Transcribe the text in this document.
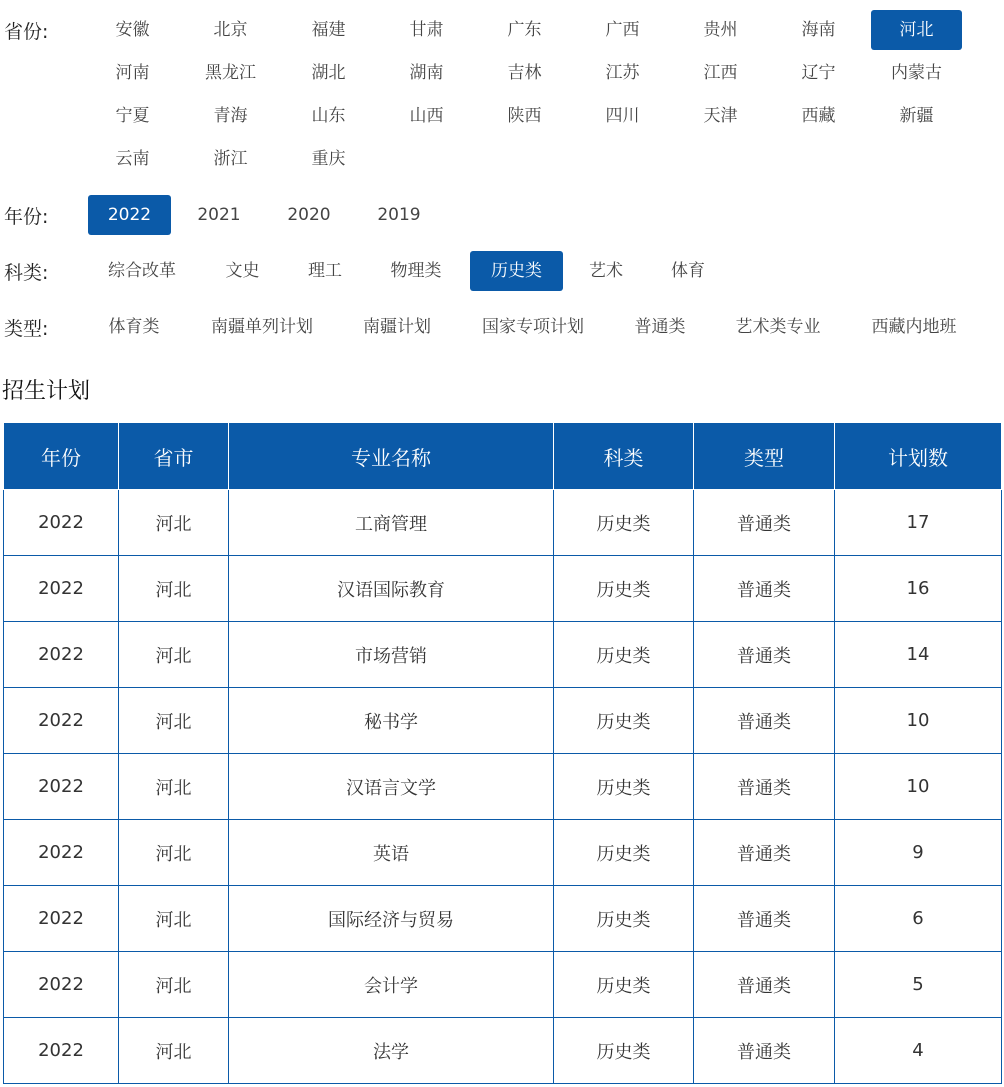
省份:
年份:
科类:
类型:
安徽	北京	福建	甘肃	广东	广西	贵州	海南	河北
河南	黑龙江	湖北	湖南	吉林	江苏	江西	辽宁	内蒙古
宁夏	青海	山东	山西	陕西	四川	天津	西藏	新疆
云南	浙江	重庆
2022	2021	2020	2019
综合改革	文史	理工	物理类	历史类	艺术	体育
体育类	南疆单列计划	南疆计划	国家专项计划	普通类	艺术类专业	西藏内地班
招生计划
年份	省市	专业名称	科类	类型	计划数
2022	河北	工商管理	历史类	普通类	17
2022	河北	汉语国际教育	历史类	普通类	16
2022	河北	市场营销	历史类	普通类	14
2022	河北	秘书学	历史类	普通类	10
2022	河北	汉语言文学	历史类	普通类	10
2022	河北	英语	历史类	普通类	9
2022	河北	国际经济与贸易	历史类	普通类	6
2022	河北	会计学	历史类	普通类	5
2022	河北	法学	历史类	普通类	4
